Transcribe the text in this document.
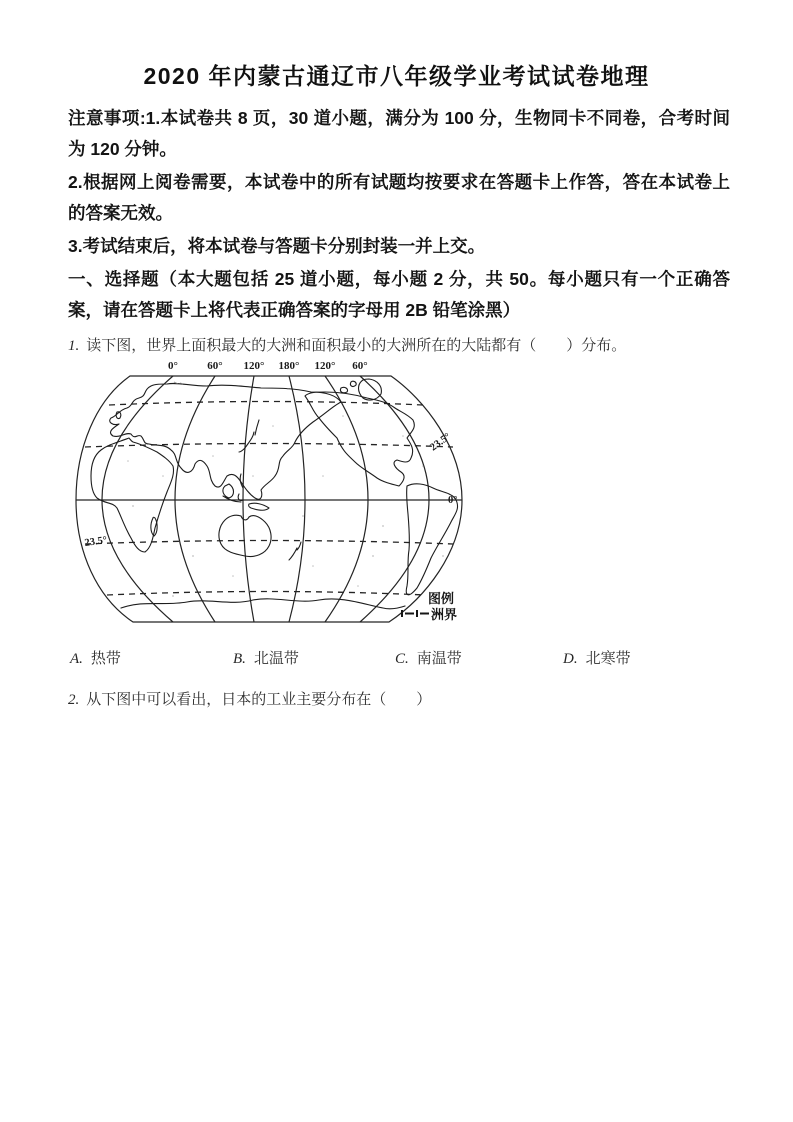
2020 年内蒙古通辽市八年级学业考试试卷地理

注意事项:1.本试卷共 8 页，30 道小题，满分为 100 分，生物同卡不同卷，合考时间为 120 分钟。

2.根据网上阅卷需要，本试卷中的所有试题均按要求在答题卡上作答，答在本试卷上的答案无效。

3.考试结束后，将本试卷与答题卡分别封装一并上交。

一、选择题（本大题包括 25 道小题，每小题 2 分，共 50。每小题只有一个正确答案，请在答题卡上将代表正确答案的字母用 2B 铅笔涂黑）

1. 读下图，世界上面积最大的大洲和面积最小的大洲所在的大陆都有（　　）分布。
0°	60° 120° 180° 120° 60°
23.5°
0°
23.5°
图例
洲界
A. 热带	B. 北温带	C. 南温带	D. 北寒带
2. 从下图中可以看出，日本的工业主要分布在（　　）
